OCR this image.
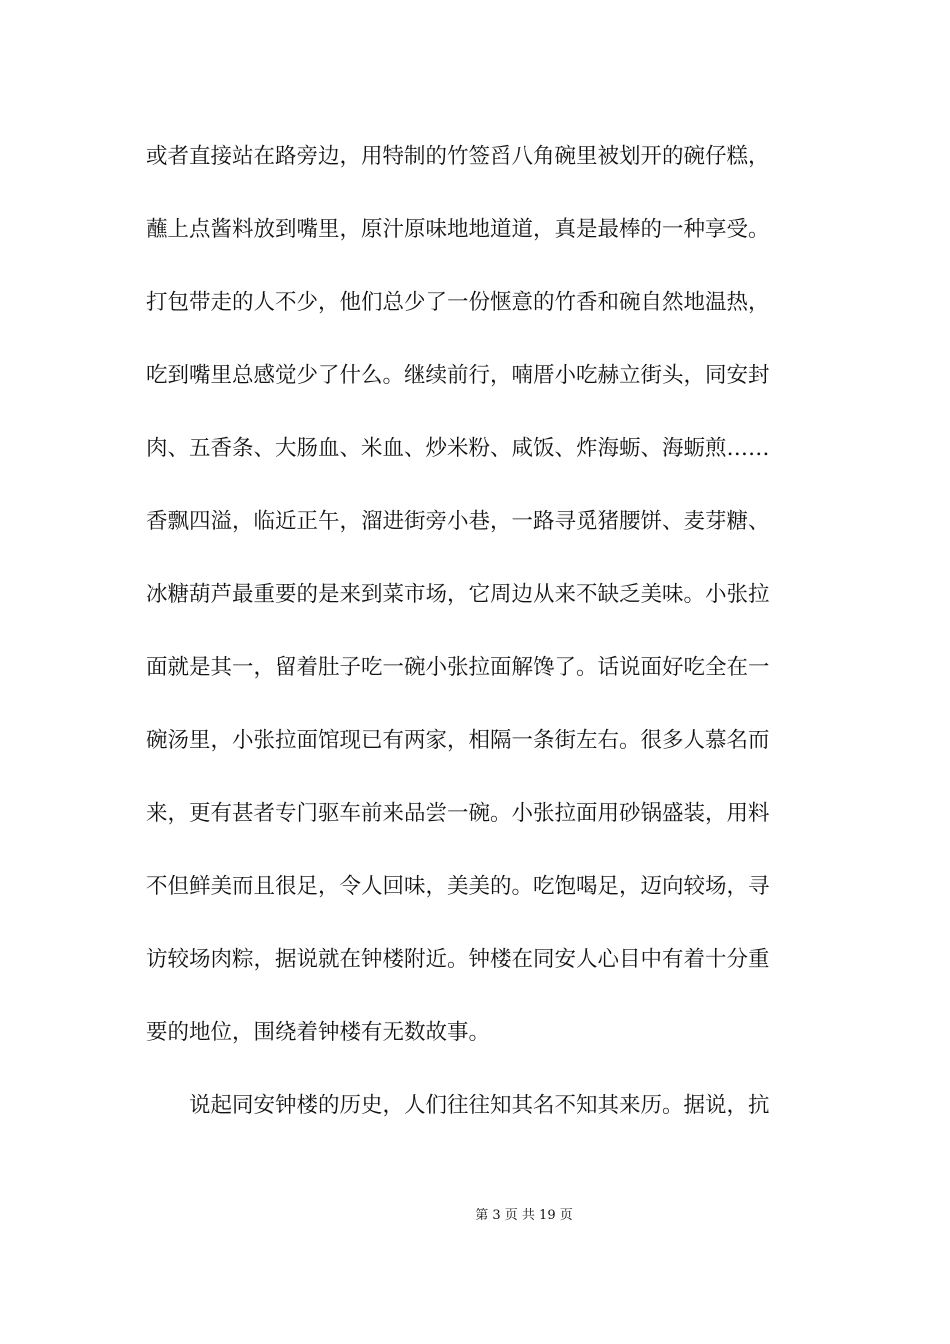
或者直接站在路旁边，用特制的竹签舀八角碗里被划开的碗仔糕，
蘸上点酱料放到嘴里，原汁原味地地道道，真是最棒的一种享受。
打包带走的人不少，他们总少了一份惬意的竹香和碗自然地温热，
吃到嘴里总感觉少了什么。继续前行，喃厝小吃赫立街头，同安封
肉、五香条、大肠血、米血、炒米粉、咸饭、炸海蛎、海蛎煎……
香飘四溢，临近正午，溜进街旁小巷，一路寻觅猪腰饼、麦芽糖、
冰糖葫芦最重要的是来到菜市场，它周边从来不缺乏美味。小张拉
面就是其一，留着肚子吃一碗小张拉面解馋了。话说面好吃全在一
碗汤里，小张拉面馆现已有两家，相隔一条街左右。很多人慕名而
来，更有甚者专门驱车前来品尝一碗。小张拉面用砂锅盛装，用料
不但鲜美而且很足，令人回味，美美的。吃饱喝足，迈向较场，寻
访较场肉粽，据说就在钟楼附近。钟楼在同安人心目中有着十分重
要的地位，围绕着钟楼有无数故事。
　　说起同安钟楼的历史，人们往往知其名不知其来历。据说，抗
第 3 页 共 19 页
